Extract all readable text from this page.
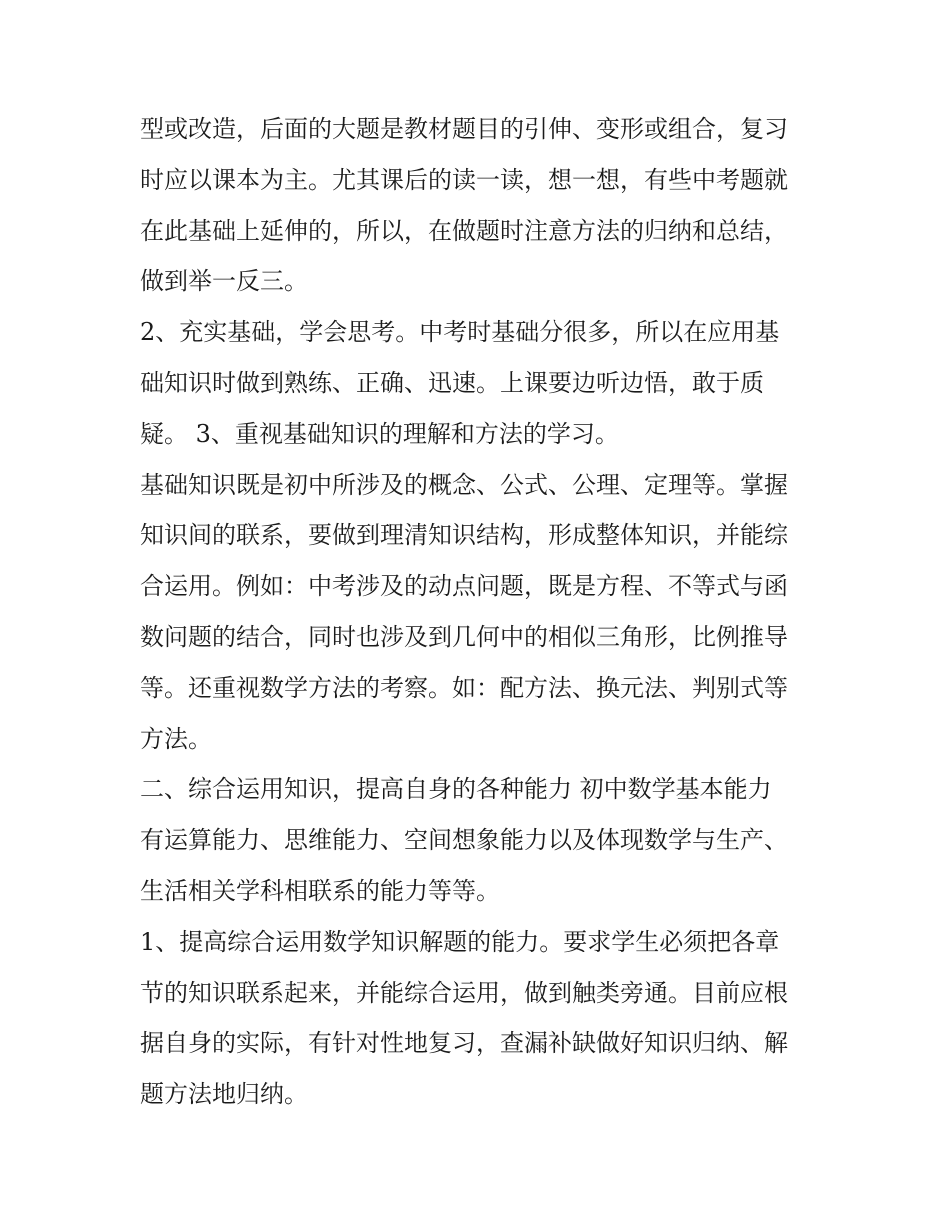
型或改造，后面的大题是教材题目的引伸、变形或组合，复习
时应以课本为主。尤其课后的读一读，想一想，有些中考题就
在此基础上延伸的，所以，在做题时注意方法的归纳和总结，
做到举一反三。

2、充实基础，学会思考。中考时基础分很多，所以在应用基
础知识时做到熟练、正确、迅速。上课要边听边悟，敢于质
疑。 3、重视基础知识的理解和方法的学习。

基础知识既是初中所涉及的概念、公式、公理、定理等。掌握
知识间的联系，要做到理清知识结构，形成整体知识，并能综
合运用。例如：中考涉及的动点问题，既是方程、不等式与函
数问题的结合，同时也涉及到几何中的相似三角形，比例推导
等。还重视数学方法的考察。如：配方法、换元法、判别式等
方法。

二、综合运用知识，提高自身的各种能力 初中数学基本能力
有运算能力、思维能力、空间想象能力以及体现数学与生产、
生活相关学科相联系的能力等等。

1、提高综合运用数学知识解题的能力。要求学生必须把各章
节的知识联系起来，并能综合运用，做到触类旁通。目前应根
据自身的实际，有针对性地复习，查漏补缺做好知识归纳、解
题方法地归纳。
